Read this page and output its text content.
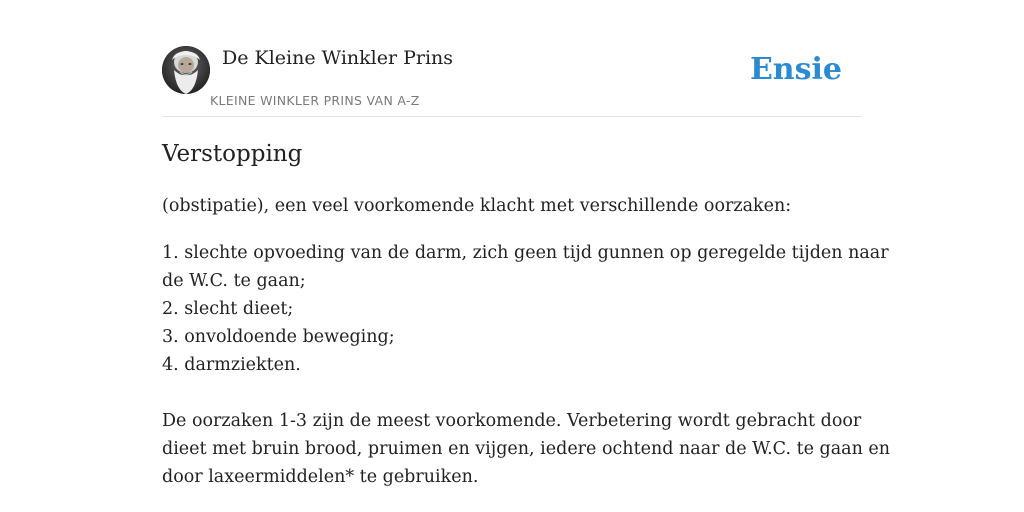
De Kleine Winkler Prins
KLEINE WINKLER PRINS VAN A-Z
Ensie
Verstopping

(obstipatie), een veel voorkomende klacht met verschillende oorzaken:

1. slechte opvoeding van de darm, zich geen tijd gunnen op geregelde tijden naar
de W.C. te gaan;
2. slecht dieet;
3. onvoldoende beweging;
4. darmziekten.

De oorzaken 1-3 zijn de meest voorkomende. Verbetering wordt gebracht door
dieet met bruin brood, pruimen en vijgen, iedere ochtend naar de W.C. te gaan en
door laxeermiddelen* te gebruiken.
